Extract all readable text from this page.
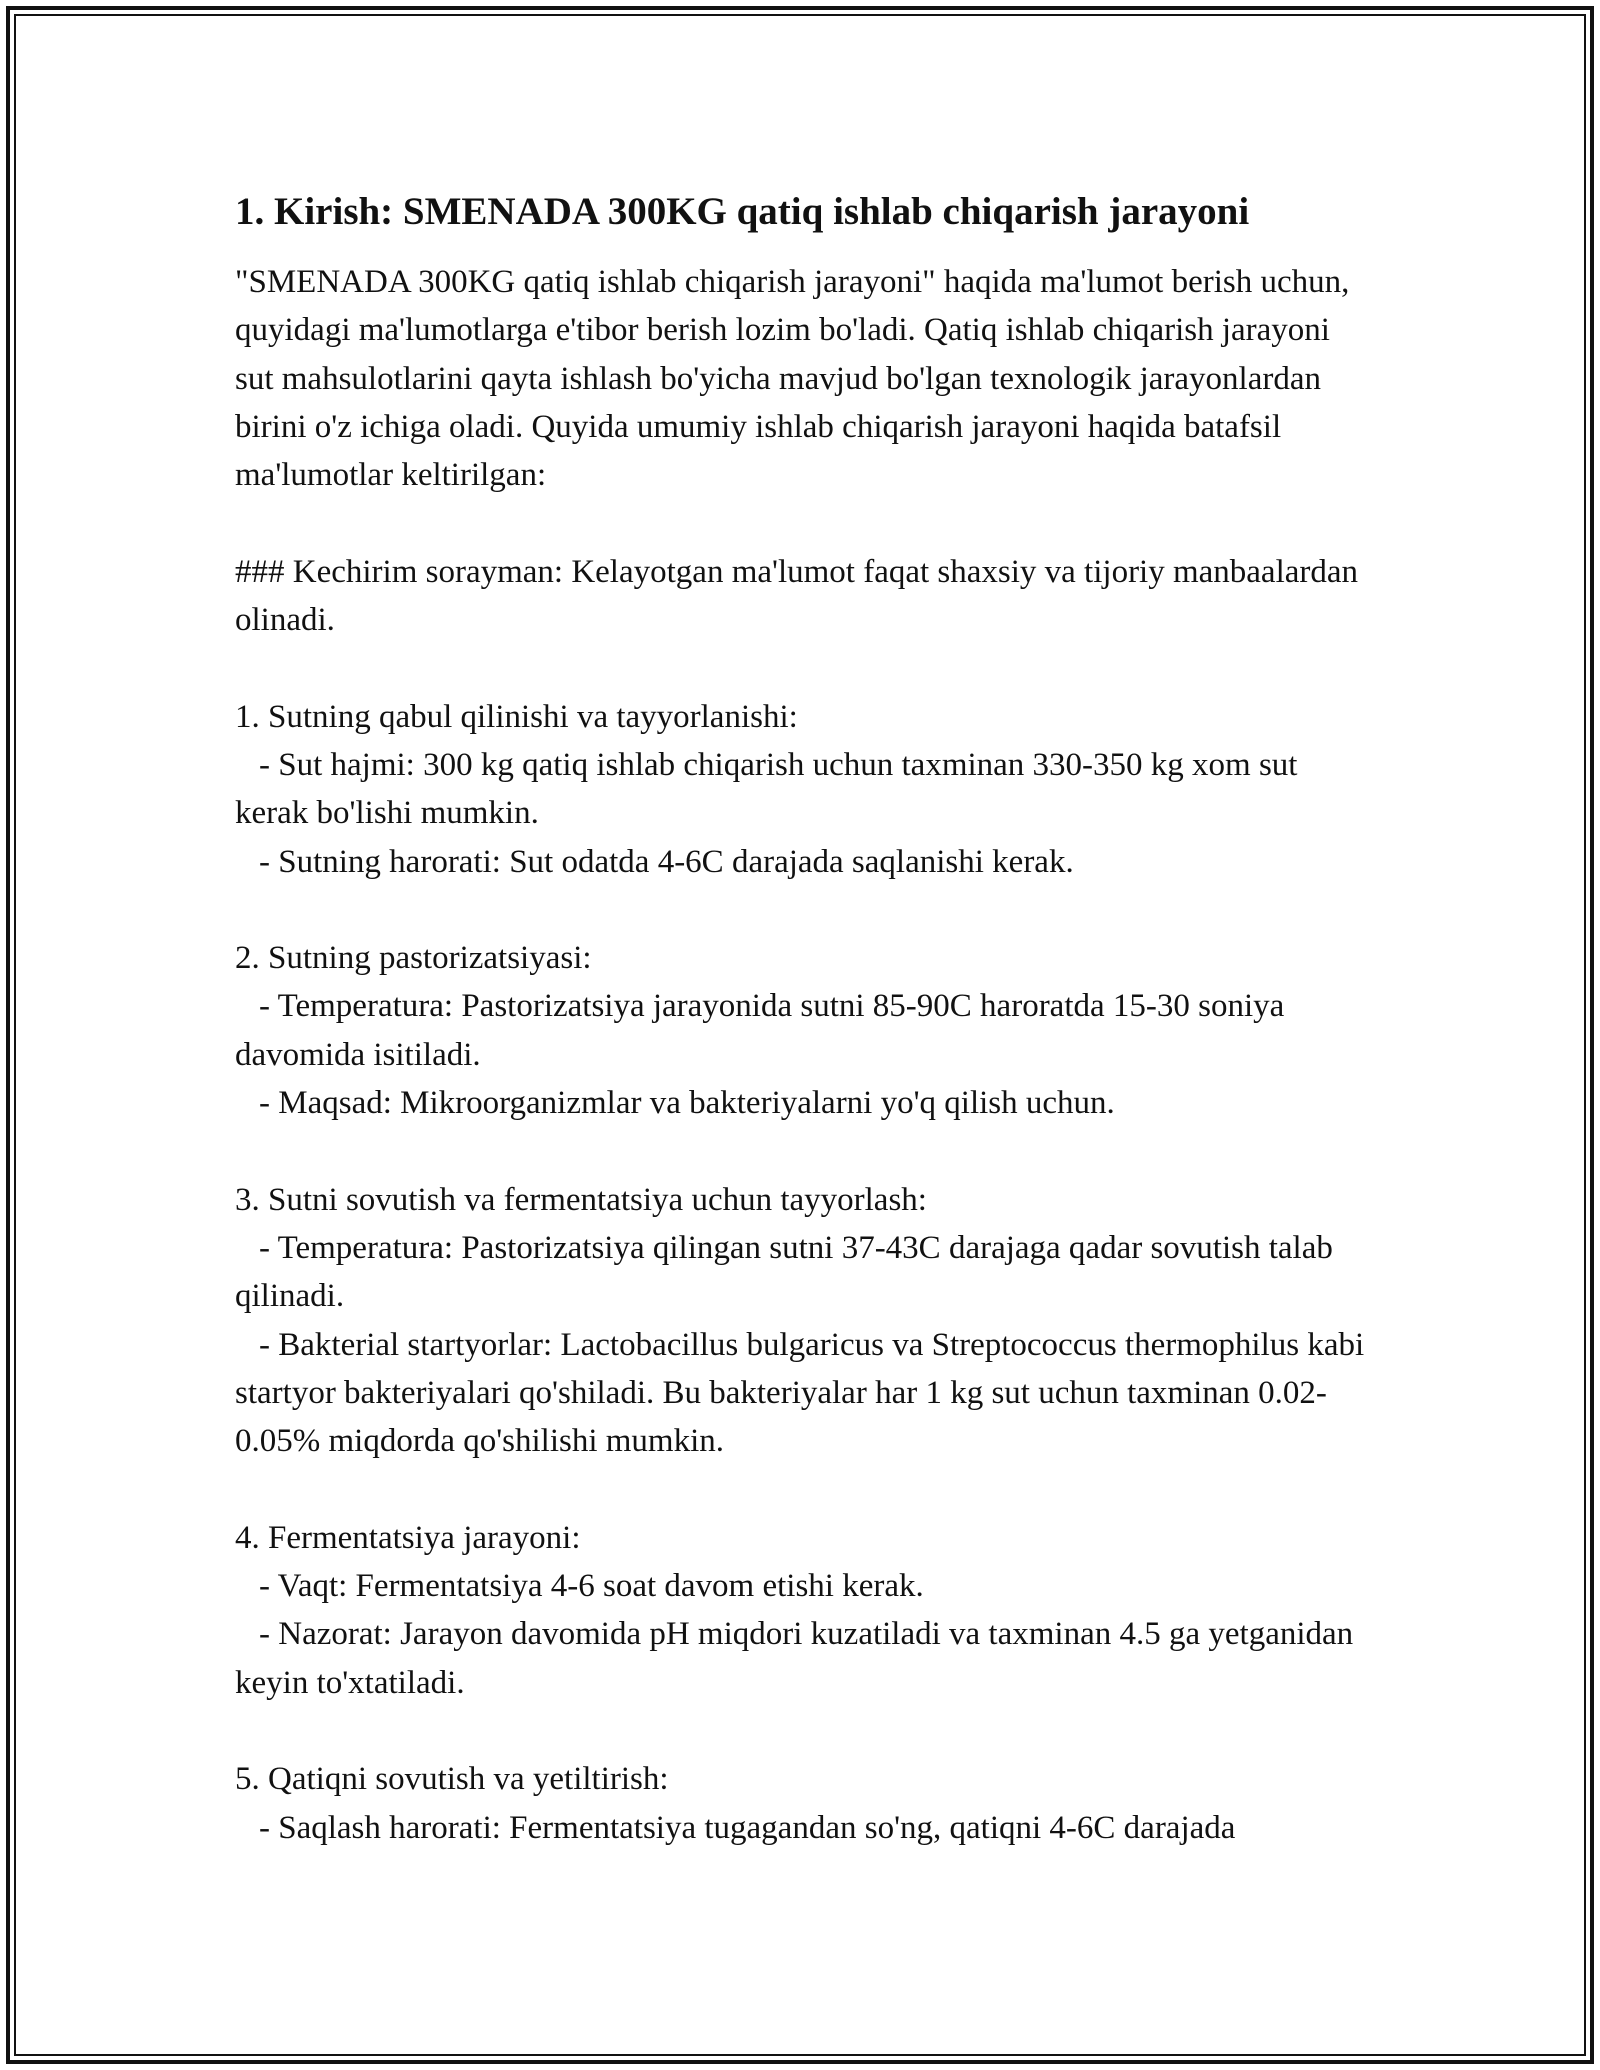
1. Kirish: SMENADA 300KG qatiq ishlab chiqarish jarayoni

"SMENADA 300KG qatiq ishlab chiqarish jarayoni" haqida ma'lumot berish uchun, quyidagi ma'lumotlarga e'tibor berish lozim bo'ladi. Qatiq ishlab chiqarish jarayoni sut mahsulotlarini qayta ishlash bo'yicha mavjud bo'lgan texnologik jarayonlardan birini o'z ichiga oladi. Quyida umumiy ishlab chiqarish jarayoni haqida batafsil ma'lumotlar keltirilgan:

### Kechirim sorayman: Kelayotgan ma'lumot faqat shaxsiy va tijoriy manbaalardan olinadi.

1. Sutning qabul qilinishi va tayyorlanishi:

- Sut hajmi: 300 kg qatiq ishlab chiqarish uchun taxminan 330-350 kg xom sut kerak bo'lishi mumkin.

- Sutning harorati: Sut odatda 4-6C darajada saqlanishi kerak.

2. Sutning pastorizatsiyasi:

- Temperatura: Pastorizatsiya jarayonida sutni 85-90C haroratda 15-30 soniya davomida isitiladi.

- Maqsad: Mikroorganizmlar va bakteriyalarni yo'q qilish uchun.

3. Sutni sovutish va fermentatsiya uchun tayyorlash:

- Temperatura: Pastorizatsiya qilingan sutni 37-43C darajaga qadar sovutish talab qilinadi.

- Bakterial startyorlar: Lactobacillus bulgaricus va Streptococcus thermophilus kabi startyor bakteriyalari qo'shiladi. Bu bakteriyalar har 1 kg sut uchun taxminan 0.02-0.05% miqdorda qo'shilishi mumkin.

4. Fermentatsiya jarayoni:

- Vaqt: Fermentatsiya 4-6 soat davom etishi kerak.

- Nazorat: Jarayon davomida pH miqdori kuzatiladi va taxminan 4.5 ga yetganidan keyin to'xtatiladi.

5. Qatiqni sovutish va yetiltirish:

- Saqlash harorati: Fermentatsiya tugagandan so'ng, qatiqni 4-6C darajada
